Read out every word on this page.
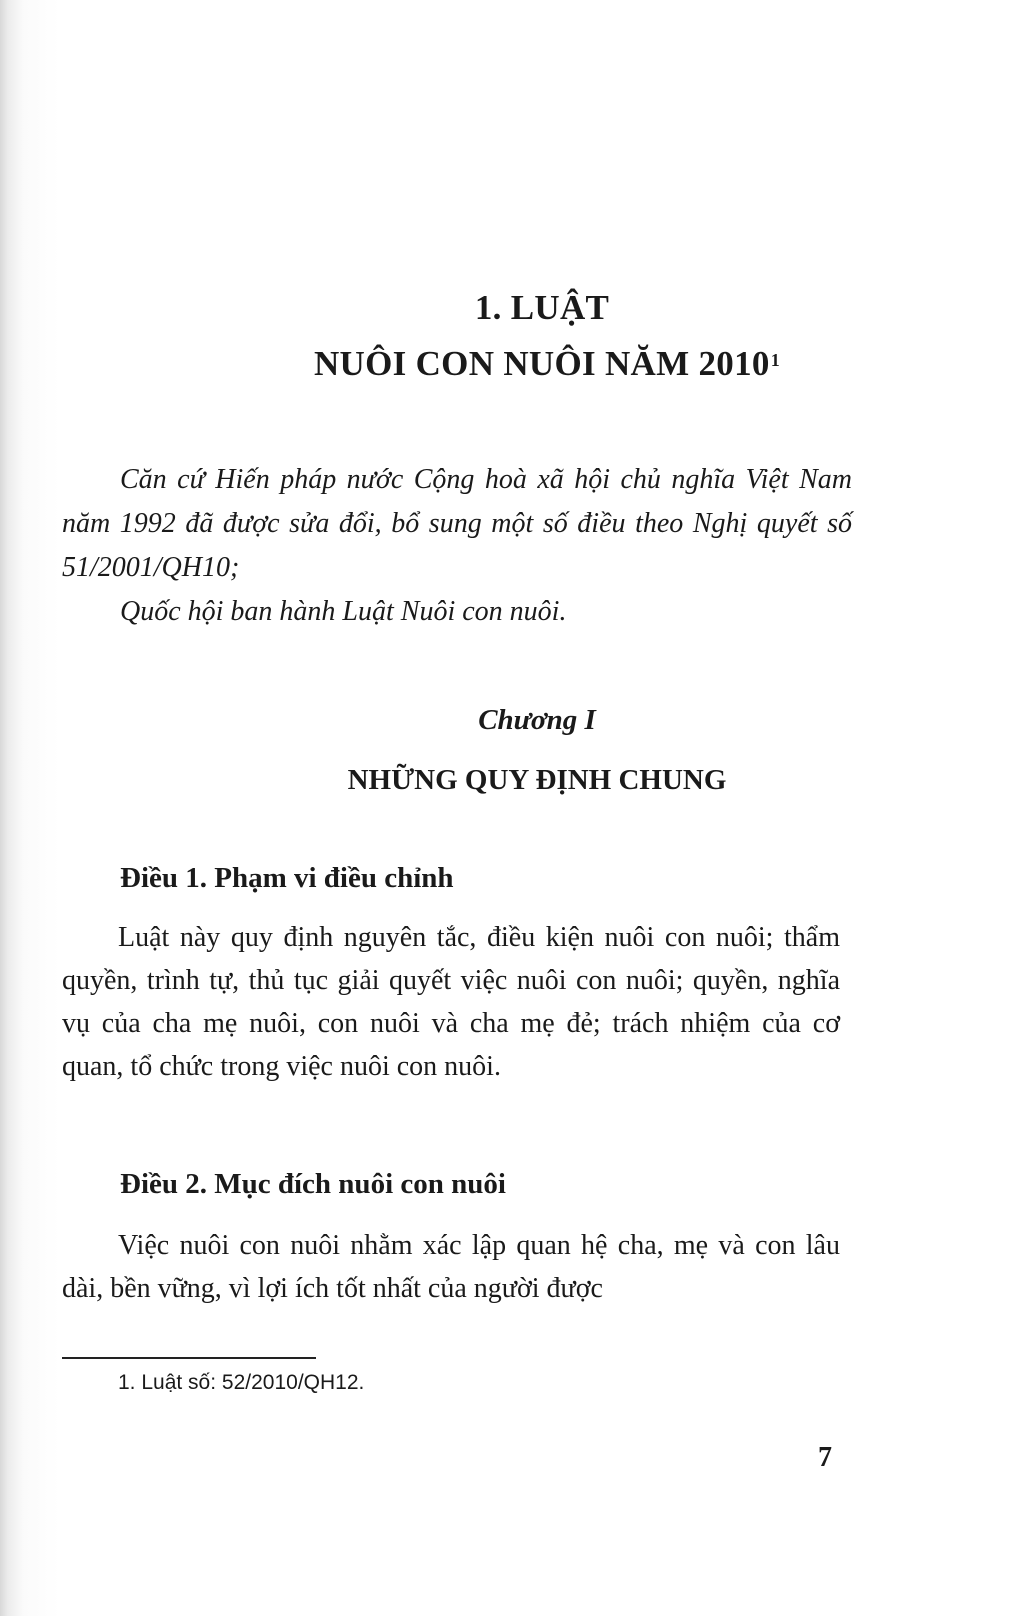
1. LUẬT
NUÔI CON NUÔI NĂM 2010$^1$

Căn cứ Hiến pháp nước Cộng hoà xã hội chủ nghĩa Việt Nam năm 1992 đã được sửa đổi, bổ sung một số điều theo Nghị quyết số 51/2001/QH10;

Quốc hội ban hành Luật Nuôi con nuôi.

Chương I
NHỮNG QUY ĐỊNH CHUNG
Điều 1. Phạm vi điều chỉnh

Luật này quy định nguyên tắc, điều kiện nuôi con nuôi; thẩm quyền, trình tự, thủ tục giải quyết việc nuôi con nuôi; quyền, nghĩa vụ của cha mẹ nuôi, con nuôi và cha mẹ đẻ; trách nhiệm của cơ quan, tổ chức trong việc nuôi con nuôi.

Điều 2. Mục đích nuôi con nuôi

Việc nuôi con nuôi nhằm xác lập quan hệ cha, mẹ và con lâu dài, bền vững, vì lợi ích tốt nhất của người được

1. Luật số: 52/2010/QH12.
7
